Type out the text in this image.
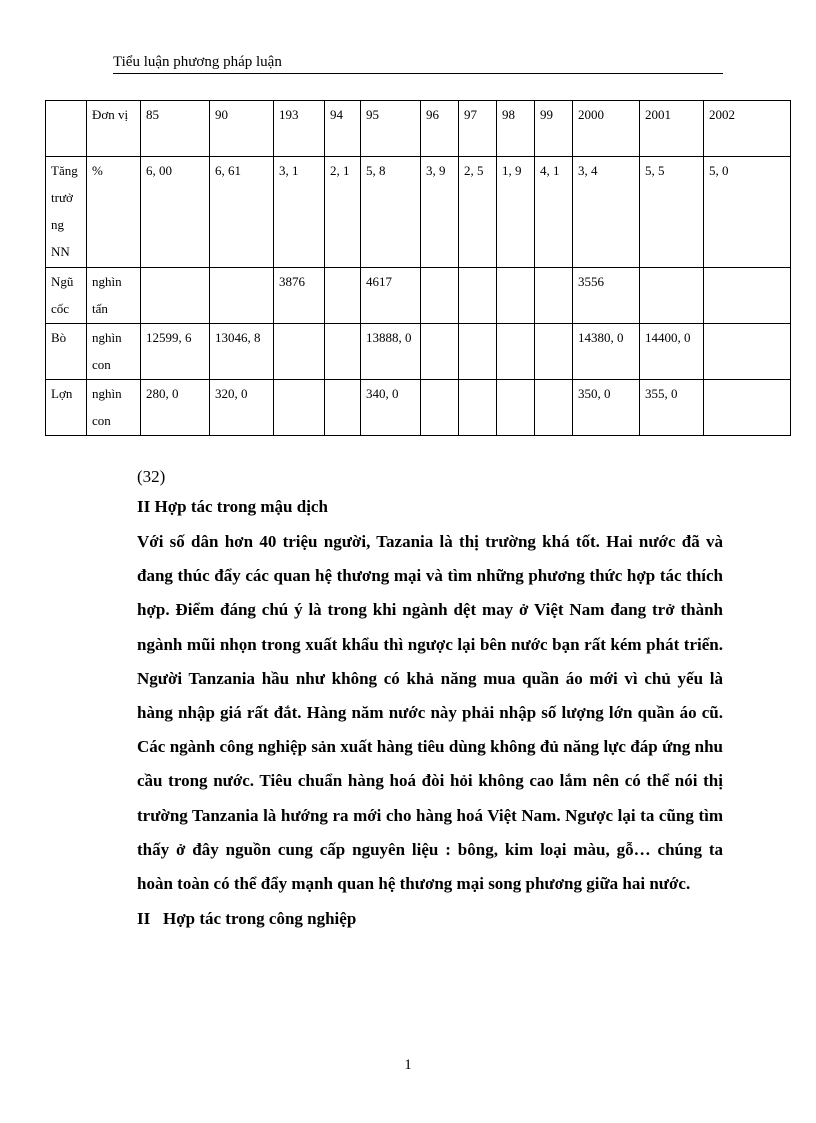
Tiểu luận phương pháp luận
	Đơn vị	85	90	193	94	95	96	97	98	99	2000	2001	2002
Tăng trưở ng NN	%	6, 00	6, 61	3, 1	2, 1	5, 8	3, 9	2, 5	1, 9	4, 1	3, 4	5, 5	5, 0
Ngũ cốc	nghìn tấn			3876		4617					3556		
Bò	nghìn con	12599, 6	13046, 8			13888, 0					14380, 0	14400, 0	
Lợn	nghìn con	280, 0	320, 0			340, 0					350, 0	355, 0	

(32)

II Hợp tác trong mậu dịch

Với số dân hơn 40 triệu người, Tazania là thị trường khá tốt. Hai nước đã và đang thúc đẩy các quan hệ thương mại và tìm những phương thức hợp tác thích hợp. Điểm đáng chú ý là trong khi ngành dệt may ở Việt Nam đang trở thành ngành mũi nhọn trong xuất khẩu thì ngược lại bên nước bạn rất kém phát triển. Người Tanzania hầu như không có khả năng mua quần áo mới vì chủ yếu là hàng nhập giá rất đắt. Hàng năm nước này phải nhập số lượng lớn quần áo cũ. Các ngành công nghiệp sản xuất hàng tiêu dùng không đủ năng lực đáp ứng nhu cầu trong nước. Tiêu chuẩn hàng hoá đòi hỏi không cao lắm nên có thể nói thị trường Tanzania là hướng ra mới cho hàng hoá Việt Nam. Ngược lại ta cũng tìm thấy ở đây nguồn cung cấp nguyên liệu : bông, kim loại màu, gỗ… chúng ta hoàn toàn có thể đẩy mạnh quan hệ thương mại song phương giữa hai nước.

II Hợp tác trong công nghiệp

1
